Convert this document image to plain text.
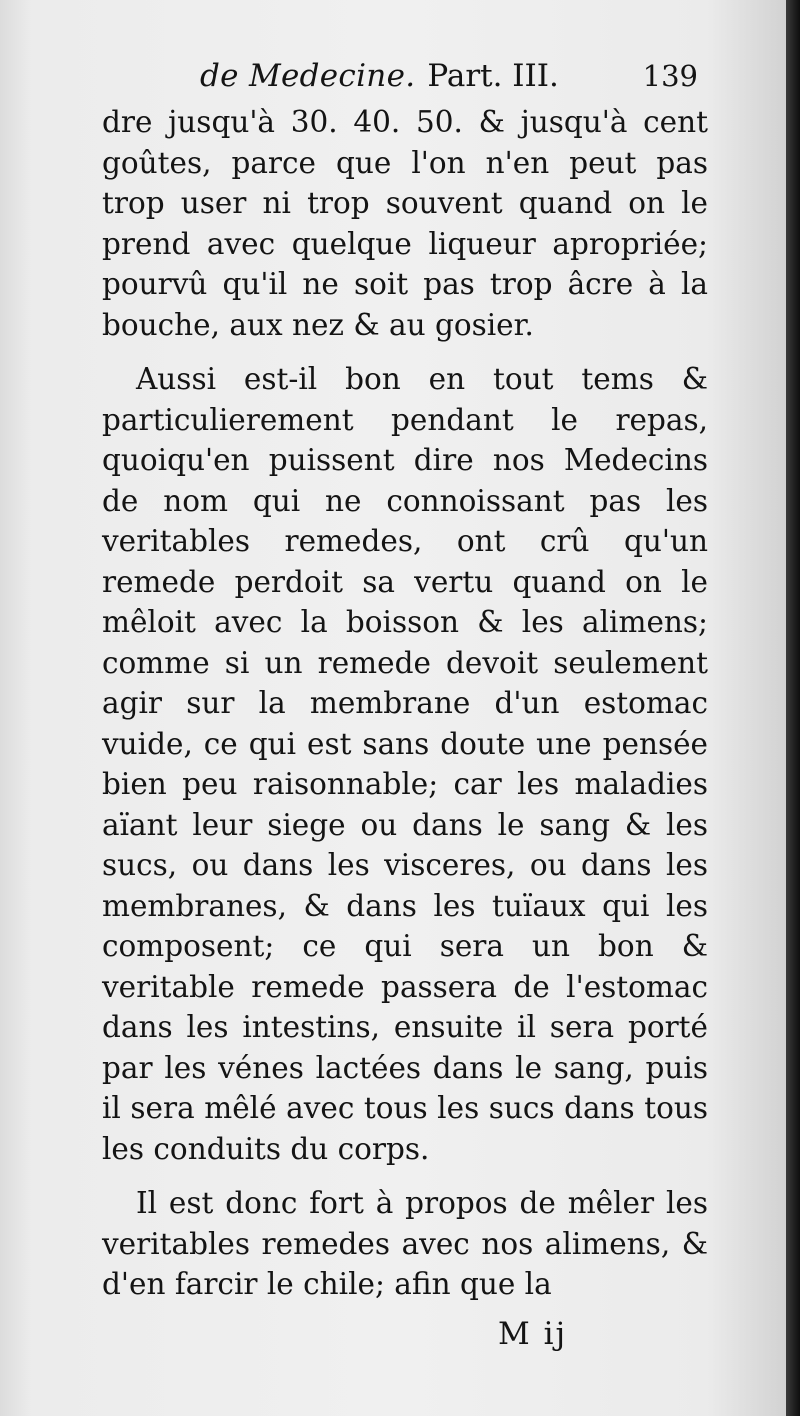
de Medecine. Part. III.	139

dre jusqu'à 30. 40. 50. & jusqu'à cent goûtes, parce que l'on n'en peut pas trop user ni trop souvent quand on le prend avec quelque liqueur apropriée; pourvû qu'il ne soit pas trop âcre à la bouche, aux nez & au gosier.

Aussi est-il bon en tout tems & particulierement pendant le repas, quoiqu'en puissent dire nos Medecins de nom qui ne connoissant pas les veritables remedes, ont crû qu'un remede perdoit sa vertu quand on le mêloit avec la boisson & les alimens; comme si un remede devoit seulement agir sur la membrane d'un estomac vuide, ce qui est sans doute une pensée bien peu raisonnable; car les maladies aïant leur siege ou dans le sang & les sucs, ou dans les visceres, ou dans les membranes, & dans les tuïaux qui les composent; ce qui sera un bon & veritable remede passera de l'estomac dans les intestins, ensuite il sera porté par les vénes lactées dans le sang, puis il sera mêlé avec tous les sucs dans tous les conduits du corps.

Il est donc fort à propos de mêler les veritables remedes avec nos alimens, & d'en farcir le chile; afin que la

M ij
